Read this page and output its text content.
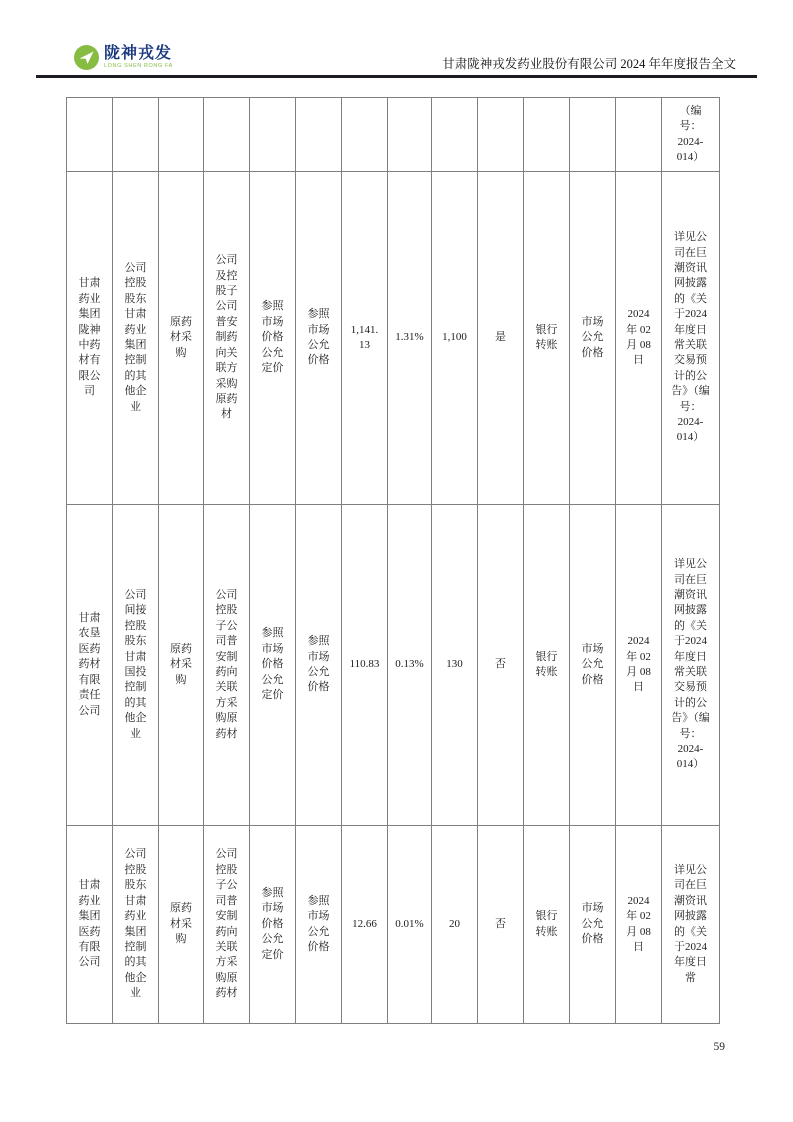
陇神戎发
LONG SHEN RONG FA	甘肃陇神戎发药业股份有限公司 2024 年年度报告全文
													（编号：2024-014）
甘肃药业集团陇神中药材有限公司	公司控股股东甘肃药业集团控制的其他企业	原药材采购	公司及控股子公司普安制药向关联方采购原药材	参照市场价格公允定价	参照市场公允价格	1,141.13	1.31%	1,100	是	银行转账	市场公允价格	2024 年 02 月 08 日	详见公司在巨潮资讯网披露的《关于2024年度日常关联交易预计的公告》（编号：2024-014）
甘肃农垦医药药材有限责任公司	公司间接控股股东甘肃国投控制的其他企业	原药材采购	公司控股子公司普安制药向关联方采购原药材	参照市场价格公允定价	参照市场公允价格	110.83	0.13%	130	否	银行转账	市场公允价格	2024 年 02 月 08 日	详见公司在巨潮资讯网披露的《关于2024年度日常关联交易预计的公告》（编号：2024-014）
甘肃药业集团医药有限公司	公司控股股东甘肃药业集团控制的其他企业	原药材采购	公司控股子公司普安制药向关联方采购原药材	参照市场价格公允定价	参照市场公允价格	12.66	0.01%	20	否	银行转账	市场公允价格	2024 年 02 月 08 日	详见公司在巨潮资讯网披露的《关于2024年度日常
59
